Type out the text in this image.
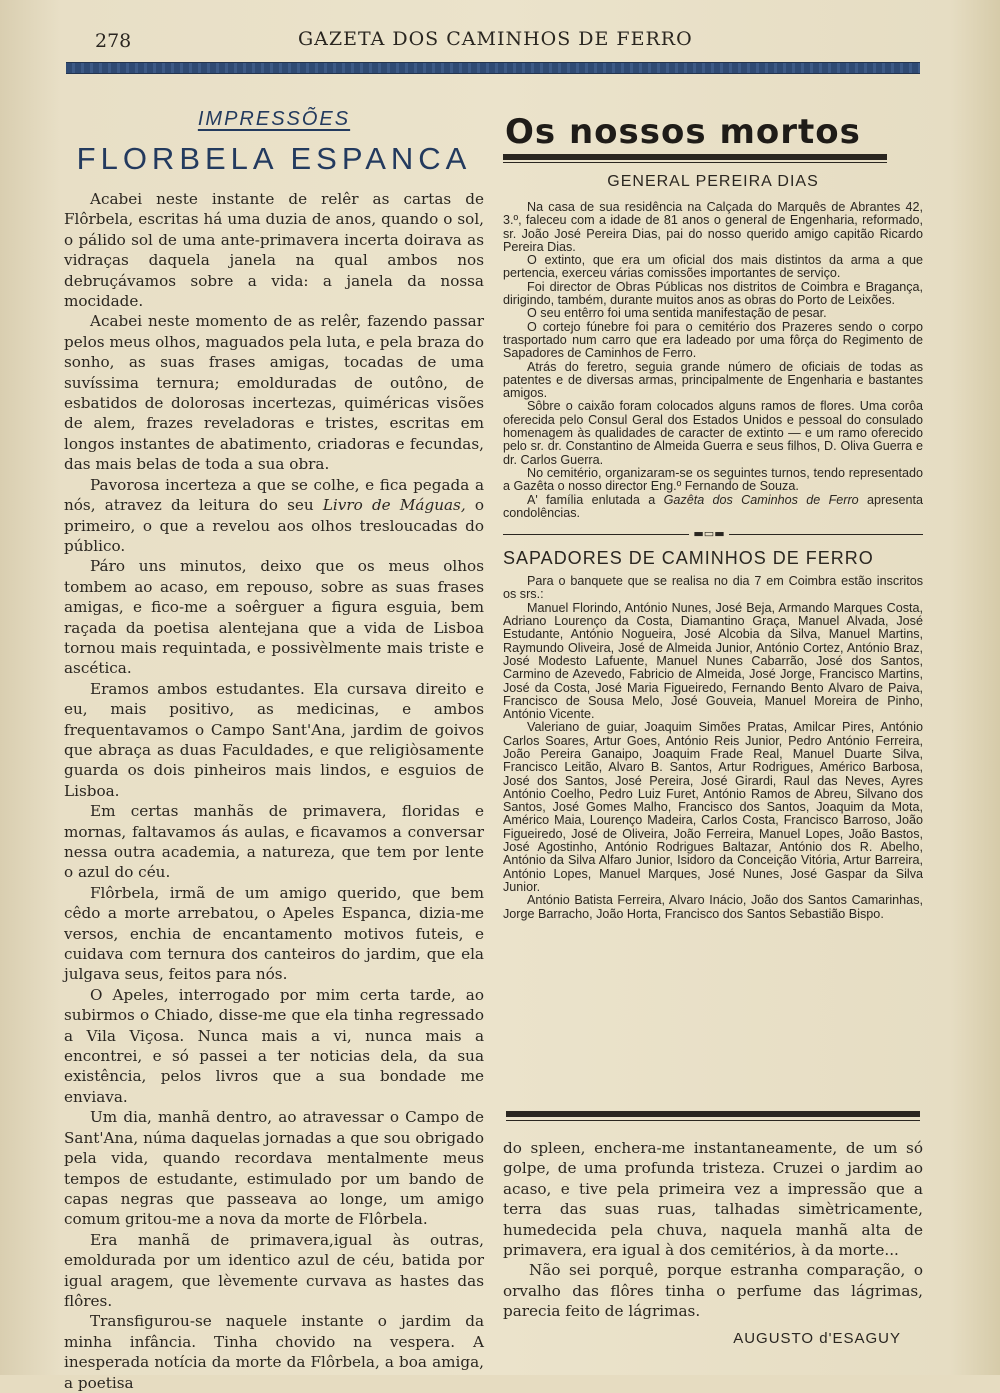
278	GAZETA DOS CAMINHOS DE FERRO
IMPRESSÕES
FLORBELA ESPANCA

Acabei neste instante de relêr as cartas de Flôrbela, escritas há uma duzia de anos, quando o sol, o pálido sol de uma ante-primavera incerta doirava as vidraças daquela janela na qual ambos nos debruçávamos sobre a vida: a janela da nossa mocidade.

Acabei neste momento de as relêr, fazendo passar pelos meus olhos, maguados pela luta, e pela braza do sonho, as suas frases amigas, tocadas de uma suvíssima ternura; emolduradas de outôno, de esbatidos de dolorosas incertezas, quiméricas visões de alem, frazes reveladoras e tristes, escritas em longos instantes de abatimento, criadoras e fecundas, das mais belas de toda a sua obra.

Pavorosa incerteza a que se colhe, e fica pegada a nós, atravez da leitura do seu Livro de Máguas, o primeiro, o que a revelou aos olhos tresloucadas do público.

Páro uns minutos, deixo que os meus olhos tombem ao acaso, em repouso, sobre as suas frases amigas, e fico-me a soêrguer a figura esguia, bem raçada da poetisa alentejana que a vida de Lisboa tornou mais requintada, e possivèlmente mais triste e ascética.

Eramos ambos estudantes. Ela cursava direito e eu, mais positivo, as medicinas, e ambos frequentavamos o Campo Sant'Ana, jardim de goivos que abraça as duas Faculdades, e que religiòsamente guarda os dois pinheiros mais lindos, e esguios de Lisboa.

Em certas manhãs de primavera, floridas e mornas, faltavamos ás aulas, e ficavamos a conversar nessa outra academia, a natureza, que tem por lente o azul do céu.

Flôrbela, irmã de um amigo querido, que bem cêdo a morte arrebatou, o Apeles Espanca, dizia-me versos, enchia de encantamento motivos futeis, e cuidava com ternura dos canteiros do jardim, que ela julgava seus, feitos para nós.

O Apeles, interrogado por mim certa tarde, ao subirmos o Chiado, disse-me que ela tinha regressado a Vila Viçosa. Nunca mais a vi, nunca mais a encontrei, e só passei a ter noticias dela, da sua existência, pelos livros que a sua bondade me enviava.

Um dia, manhã dentro, ao atravessar o Campo de Sant'Ana, núma daquelas jornadas a que sou obrigado pela vida, quando recordava mentalmente meus tempos de estudante, estimulado por um bando de capas negras que passeava ao longe, um amigo comum gritou-me a nova da morte de Flôrbela.

Era manhã de primavera,igual às outras, emoldurada por um identico azul de céu, batida por igual aragem, que lèvemente curvava as hastes das flôres.

Transfigurou-se naquele instante o jardim da minha infância. Tinha chovido na vespera. A inesperada notícia da morte da Flôrbela, a boa amiga, a poetisa

Os nossos mortos
GENERAL PEREIRA DIAS

Na casa de sua residência na Calçada do Marquês de Abrantes 42, 3.º, faleceu com a idade de 81 anos o general de Engenharia, reformado, sr. João José Pereira Dias, pai do nosso querido amigo capitão Ricardo Pereira Dias.

O extinto, que era um oficial dos mais distintos da arma a que pertencia, exerceu várias comissões importantes de serviço.

Foi director de Obras Públicas nos distritos de Coimbra e Bragança, dirigindo, também, durante muitos anos as obras do Porto de Leixões.

O seu entêrro foi uma sentida manifestação de pesar.

O cortejo fúnebre foi para o cemitério dos Prazeres sendo o corpo trasportado num carro que era ladeado por uma fôrça do Regimento de Sapadores de Caminhos de Ferro.

Atrás do feretro, seguia grande número de oficiais de todas as patentes e de diversas armas, principalmente de Engenharia e bastantes amigos.

Sôbre o caixão foram colocados alguns ramos de flores. Uma corôa oferecida pelo Consul Geral dos Estados Unidos e pessoal do consulado homenagem às qualidades de caracter de extinto — e um ramo oferecido pelo sr. dr. Constantino de Almeida Guerra e seus filhos, D. Oliva Guerra e dr. Carlos Guerra.

No cemitério, organizaram-se os seguintes turnos, tendo representado a Gazêta o nosso director Eng.º Fernando de Souza.

A' família enlutada a Gazêta dos Caminhos de Ferro apresenta condolências.

▬▭▬
SAPADORES DE CAMINHOS DE FERRO

Para o banquete que se realisa no dia 7 em Coimbra estão inscritos os srs.:

Manuel Florindo, António Nunes, José Beja, Armando Marques Costa, Adriano Lourenço da Costa, Diamantino Graça, Manuel Alvada, José Estudante, António Nogueira, José Alcobia da Silva, Manuel Martins, Raymundo Oliveira, José de Almeida Junior, António Cortez, António Braz, José Modesto Lafuente, Manuel Nunes Cabarrão, José dos Santos, Carmino de Azevedo, Fabricio de Almeida, José Jorge, Francisco Martins, José da Costa, José Maria Figueiredo, Fernando Bento Alvaro de Paiva, Francisco de Sousa Melo, José Gouveia, Manuel Moreira de Pinho, António Vicente.

Valeriano de guiar, Joaquim Simões Pratas, Amilcar Pires, António Carlos Soares, Artur Goes, António Reis Junior, Pedro António Ferreira, João Pereira Ganaipo, Joaquim Frade Real, Manuel Duarte Silva, Francisco Leitão, Alvaro B. Santos, Artur Rodrigues, Américo Barbosa, José dos Santos, José Pereira, José Girardi, Raul das Neves, Ayres António Coelho, Pedro Luiz Furet, António Ramos de Abreu, Silvano dos Santos, José Gomes Malho, Francisco dos Santos, Joaquim da Mota, Américo Maia, Lourenço Madeira, Carlos Costa, Francisco Barroso, João Figueiredo, José de Oliveira, João Ferreira, Manuel Lopes, João Bastos, José Agostinho, António Rodrigues Baltazar, António dos R. Abelho, António da Silva Alfaro Junior, Isidoro da Conceição Vitória, Artur Barreira, António Lopes, Manuel Marques, José Nunes, José Gaspar da Silva Junior.

António Batista Ferreira, Alvaro Inácio, João dos Santos Camarinhas, Jorge Barracho, João Horta, Francisco dos Santos Sebastião Bispo.

do spleen, enchera-me instantaneamente, de um só golpe, de uma profunda tristeza. Cruzei o jardim ao acaso, e tive pela primeira vez a impressão que a terra das suas ruas, talhadas simètricamente, humedecida pela chuva, naquela manhã alta de primavera, era igual à dos cemitérios, à da morte...

Não sei porquê, porque estranha comparação, o orvalho das flôres tinha o perfume das lágrimas, parecia feito de lágrimas.

AUGUSTO d'ESAGUY
